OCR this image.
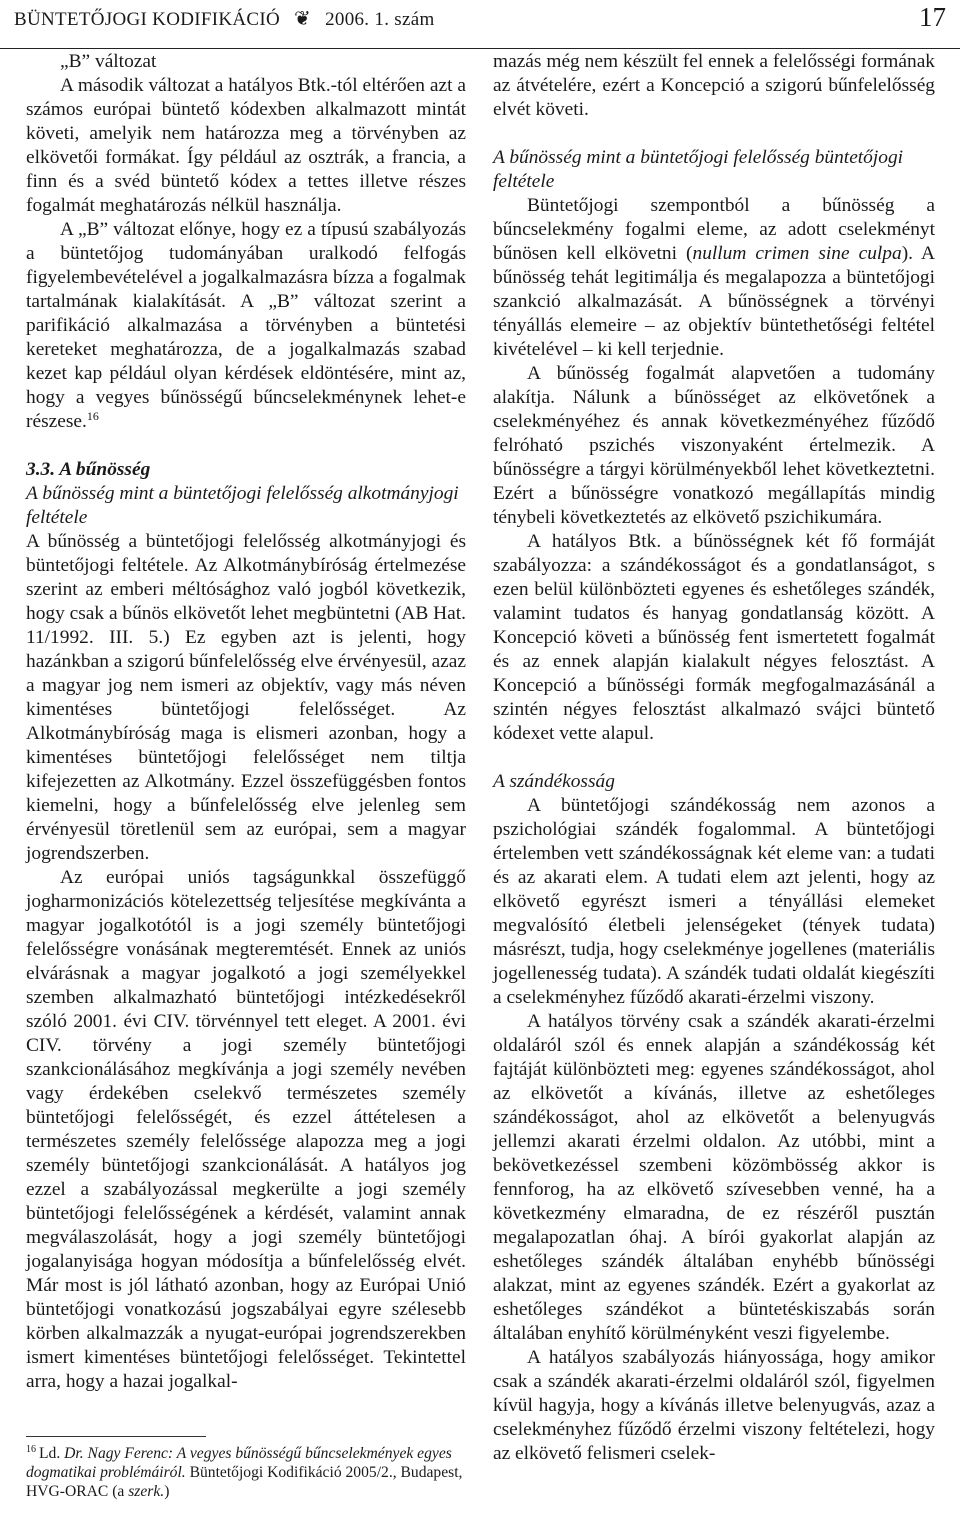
BÜNTETŐJOGI KODIFIKÁCIÓ ❦ 2006. 1. szám	17

„B” változat

A második változat a hatályos Btk.-tól eltérően azt a számos európai büntető kódexben alkalmazott mintát követi, amelyik nem határozza meg a törvényben az elkövetői formákat. Így például az osztrák, a francia, a finn és a svéd büntető kódex a tettes illetve részes fogalmát meghatározás nélkül használja.

A „B” változat előnye, hogy ez a típusú szabályozás a büntetőjog tudományában uralkodó felfogás figyelembevételével a jogalkalmazásra bízza a fogalmak tartalmának kialakítását. A „B” változat szerint a parifikáció alkalmazása a törvényben a büntetési kereteket meghatározza, de a jogalkalmazás szabad kezet kap például olyan kérdések eldöntésére, mint az, hogy a vegyes bűnösségű bűncselekménynek lehet-e részese.$^{16}$

3.3. A bűnösség

A bűnösség mint a büntetőjogi felelősség alkotmányjogi feltétele

A bűnösség a büntetőjogi felelősség alkotmányjogi és büntetőjogi feltétele. Az Alkotmánybíróság értelmezése szerint az emberi méltósághoz való jogból következik, hogy csak a bűnös elkövetőt lehet megbüntetni (AB Hat. 11/1992. III. 5.) Ez egyben azt is jelenti, hogy hazánkban a szigorú bűnfelelősség elve érvényesül, azaz a magyar jog nem ismeri az objektív, vagy más néven kimentéses büntetőjogi felelősséget. Az Alkotmánybíróság maga is elismeri azonban, hogy a kimentéses büntetőjogi felelősséget nem tiltja kifejezetten az Alkotmány. Ezzel összefüggésben fontos kiemelni, hogy a bűnfelelősség elve jelenleg sem érvényesül töretlenül sem az európai, sem a magyar jogrendszerben.

Az európai uniós tagságunkkal összefüggő jogharmonizációs kötelezettség teljesítése megkívánta a magyar jogalkotótól is a jogi személy büntetőjogi felelősségre vonásának megteremtését. Ennek az uniós elvárásnak a magyar jogalkotó a jogi személyekkel szemben alkalmazható büntetőjogi intézkedésekről szóló 2001. évi CIV. törvénnyel tett eleget. A 2001. évi CIV. törvény a jogi személy büntetőjogi szankcionálásához megkívánja a jogi személy nevében vagy érdekében cselekvő természetes személy büntetőjogi felelősségét, és ezzel áttételesen a természetes személy felelőssége alapozza meg a jogi személy büntetőjogi szankcionálását. A hatályos jog ezzel a szabályozással megkerülte a jogi személy büntetőjogi felelősségének a kérdését, valamint annak megválaszolását, hogy a jogi személy büntetőjogi jogalanyisága hogyan módosítja a bűnfelelősség elvét. Már most is jól látható azonban, hogy az Európai Unió büntetőjogi vonatkozású jogszabályai egyre szélesebb körben alkalmazzák a nyugat-európai jogrendszerekben ismert kimentéses büntetőjogi felelősséget. Tekintettel arra, hogy a hazai jogalkal-

$^{16}$ Ld. Dr. Nagy Ferenc: A vegyes bűnösségű bűncselekmények egyes dogmatikai problémáiról. Büntetőjogi Kodifikáció 2005/2., Budapest, HVG-ORAC (a szerk.)

mazás még nem készült fel ennek a felelősségi formának az átvételére, ezért a Koncepció a szigorú bűnfelelősség elvét követi.

A bűnösség mint a büntetőjogi felelősség büntetőjogi feltétele

Büntetőjogi szempontból a bűnösség a bűncselekmény fogalmi eleme, az adott cselekményt bűnösen kell elkövetni (nullum crimen sine culpa). A bűnösség tehát legitimálja és megalapozza a büntetőjogi szankció alkalmazását. A bűnösségnek a törvényi tényállás elemeire – az objektív büntethetőségi feltétel kivételével – ki kell terjednie.

A bűnösség fogalmát alapvetően a tudomány alakítja. Nálunk a bűnösséget az elkövetőnek a cselekményéhez és annak következményéhez fűződő felróható pszichés viszonyaként értelmezik. A bűnösségre a tárgyi körülményekből lehet következtetni. Ezért a bűnösségre vonatkozó megállapítás mindig ténybeli következtetés az elkövető pszichikumára.

A hatályos Btk. a bűnösségnek két fő formáját szabályozza: a szándékosságot és a gondatlanságot, s ezen belül különbözteti egyenes és eshetőleges szándék, valamint tudatos és hanyag gondatlanság között. A Koncepció követi a bűnösség fent ismertetett fogalmát és az ennek alapján kialakult négyes felosztást. A Koncepció a bűnösségi formák megfogalmazásánál a szintén négyes felosztást alkalmazó svájci büntető kódexet vette alapul.

A szándékosság

A büntetőjogi szándékosság nem azonos a pszichológiai szándék fogalommal. A büntetőjogi értelemben vett szándékosságnak két eleme van: a tudati és az akarati elem. A tudati elem azt jelenti, hogy az elkövető egyrészt ismeri a tényállási elemeket megvalósító életbeli jelenségeket (tények tudata) másrészt, tudja, hogy cselekménye jogellenes (materiális jogellenesség tudata). A szándék tudati oldalát kiegészíti a cselekményhez fűződő akarati-érzelmi viszony.

A hatályos törvény csak a szándék akarati-érzelmi oldaláról szól és ennek alapján a szándékosság két fajtáját különbözteti meg: egyenes szándékosságot, ahol az elkövetőt a kívánás, illetve az eshetőleges szándékosságot, ahol az elkövetőt a belenyugvás jellemzi akarati érzelmi oldalon. Az utóbbi, mint a bekövetkezéssel szembeni közömbösség akkor is fennforog, ha az elkövető szívesebben venné, ha a következmény elmaradna, de ez részéről pusztán megalapozatlan óhaj. A bírói gyakorlat alapján az eshetőleges szándék általában enyhébb bűnösségi alakzat, mint az egyenes szándék. Ezért a gyakorlat az eshetőleges szándékot a büntetéskiszabás során általában enyhítő körülményként veszi figyelembe.

A hatályos szabályozás hiányossága, hogy amikor csak a szándék akarati-érzelmi oldaláról szól, figyelmen kívül hagyja, hogy a kívánás illetve belenyugvás, azaz a cselekményhez fűződő érzelmi viszony feltételezi, hogy az elkövető felismeri cselek-
